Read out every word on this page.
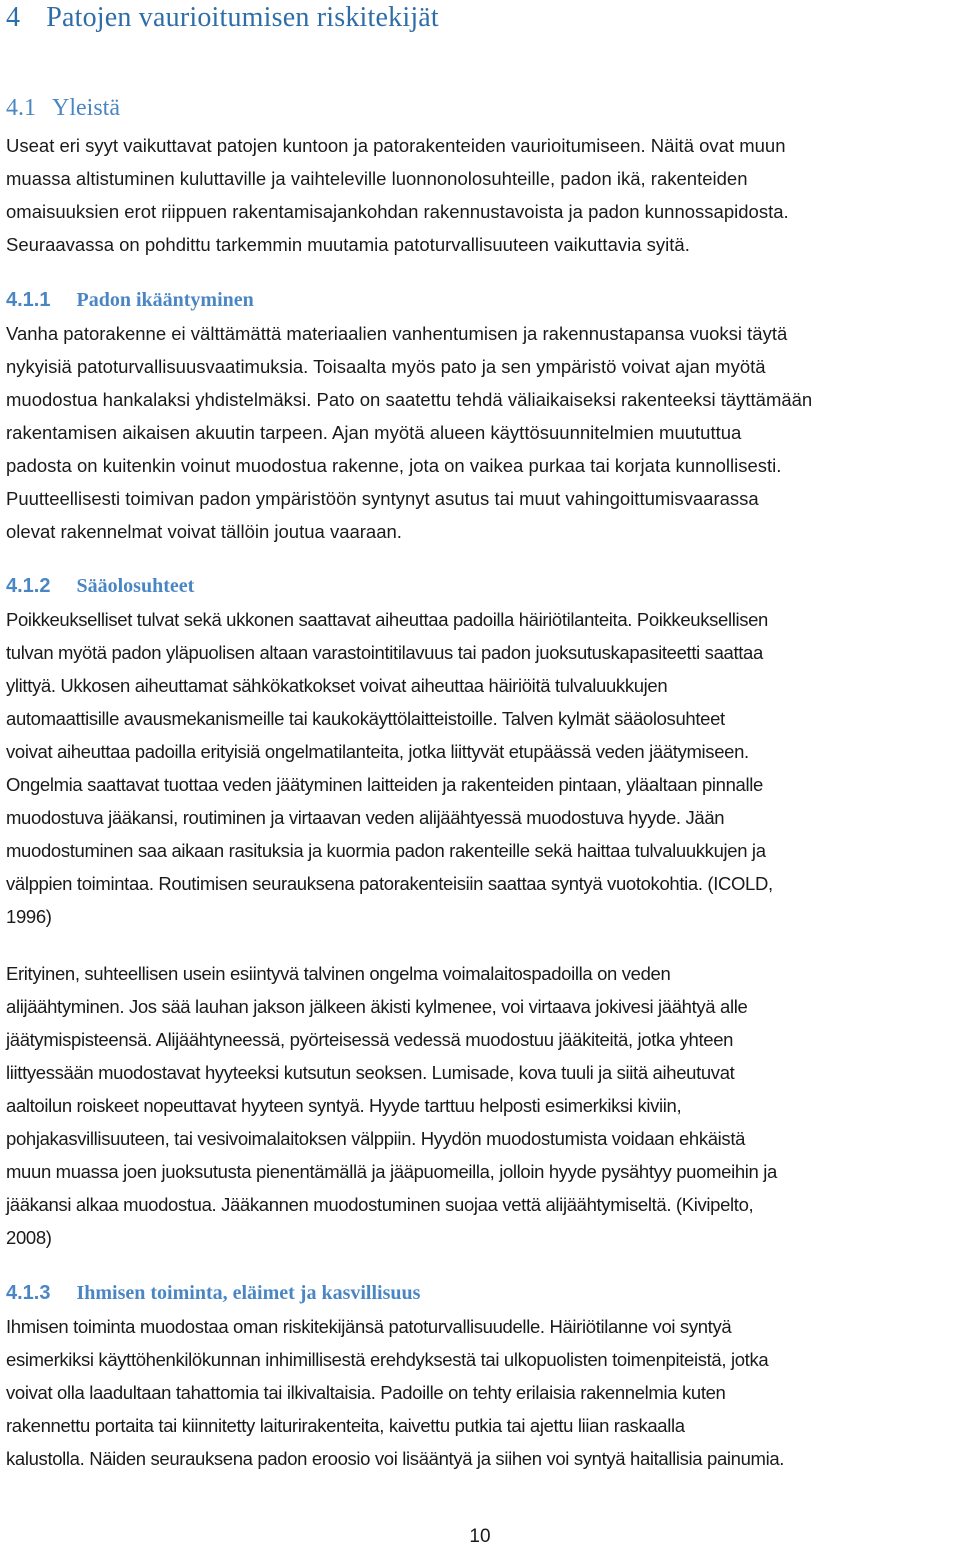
4 Patojen vaurioitumisen riskitekijät
4.1 Yleistä

Useat eri syyt vaikuttavat patojen kuntoon ja patorakenteiden vaurioitumiseen. Näitä ovat muun
muassa altistuminen kuluttaville ja vaihteleville luonnonolosuhteille, padon ikä, rakenteiden
omaisuuksien erot riippuen rakentamisajankohdan rakennustavoista ja padon kunnossapidosta.
Seuraavassa on pohdittu tarkemmin muutamia patoturvallisuuteen vaikuttavia syitä.

4.1.1 Padon ikääntyminen

Vanha patorakenne ei välttämättä materiaalien vanhentumisen ja rakennustapansa vuoksi täytä
nykyisiä patoturvallisuusvaatimuksia. Toisaalta myös pato ja sen ympäristö voivat ajan myötä
muodostua hankalaksi yhdistelmäksi. Pato on saatettu tehdä väliaikaiseksi rakenteeksi täyttämään
rakentamisen aikaisen akuutin tarpeen. Ajan myötä alueen käyttösuunnitelmien muututtua
padosta on kuitenkin voinut muodostua rakenne, jota on vaikea purkaa tai korjata kunnollisesti.
Puutteellisesti toimivan padon ympäristöön syntynyt asutus tai muut vahingoittumisvaarassa
olevat rakennelmat voivat tällöin joutua vaaraan.

4.1.2 Sääolosuhteet

Poikkeukselliset tulvat sekä ukkonen saattavat aiheuttaa padoilla häiriötilanteita. Poikkeuksellisen
tulvan myötä padon yläpuolisen altaan varastointitilavuus tai padon juoksutuskapasiteetti saattaa
ylittyä. Ukkosen aiheuttamat sähkökatkokset voivat aiheuttaa häiriöitä tulvaluukkujen
automaattisille avausmekanismeille tai kaukokäyttölaitteistoille. Talven kylmät sääolosuhteet
voivat aiheuttaa padoilla erityisiä ongelmatilanteita, jotka liittyvät etupäässä veden jäätymiseen.
Ongelmia saattavat tuottaa veden jäätyminen laitteiden ja rakenteiden pintaan, yläaltaan pinnalle
muodostuva jääkansi, routiminen ja virtaavan veden alijäähtyessä muodostuva hyyde. Jään
muodostuminen saa aikaan rasituksia ja kuormia padon rakenteille sekä haittaa tulvaluukkujen ja
välppien toimintaa. Routimisen seurauksena patorakenteisiin saattaa syntyä vuotokohtia. (ICOLD,
1996)

Erityinen, suhteellisen usein esiintyvä talvinen ongelma voimalaitospadoilla on veden
alijäähtyminen. Jos sää lauhan jakson jälkeen äkisti kylmenee, voi virtaava jokivesi jäähtyä alle
jäätymispisteensä. Alijäähtyneessä, pyörteisessä vedessä muodostuu jääkiteitä, jotka yhteen
liittyessään muodostavat hyyteeksi kutsutun seoksen. Lumisade, kova tuuli ja siitä aiheutuvat
aaltoilun roiskeet nopeuttavat hyyteen syntyä. Hyyde tarttuu helposti esimerkiksi kiviin,
pohjakasvillisuuteen, tai vesivoimalaitoksen välppiin. Hyydön muodostumista voidaan ehkäistä
muun muassa joen juoksutusta pienentämällä ja jääpuomeilla, jolloin hyyde pysähtyy puomeihin ja
jääkansi alkaa muodostua. Jääkannen muodostuminen suojaa vettä alijäähtymiseltä. (Kivipelto,
2008)

4.1.3 Ihmisen toiminta, eläimet ja kasvillisuus

Ihmisen toiminta muodostaa oman riskitekijänsä patoturvallisuudelle. Häiriötilanne voi syntyä
esimerkiksi käyttöhenkilökunnan inhimillisestä erehdyksestä tai ulkopuolisten toimenpiteistä, jotka
voivat olla laadultaan tahattomia tai ilkivaltaisia. Padoille on tehty erilaisia rakennelmia kuten
rakennettu portaita tai kiinnitetty laiturirakenteita, kaivettu putkia tai ajettu liian raskaalla
kalustolla. Näiden seurauksena padon eroosio voi lisääntyä ja siihen voi syntyä haitallisia painumia.

10
